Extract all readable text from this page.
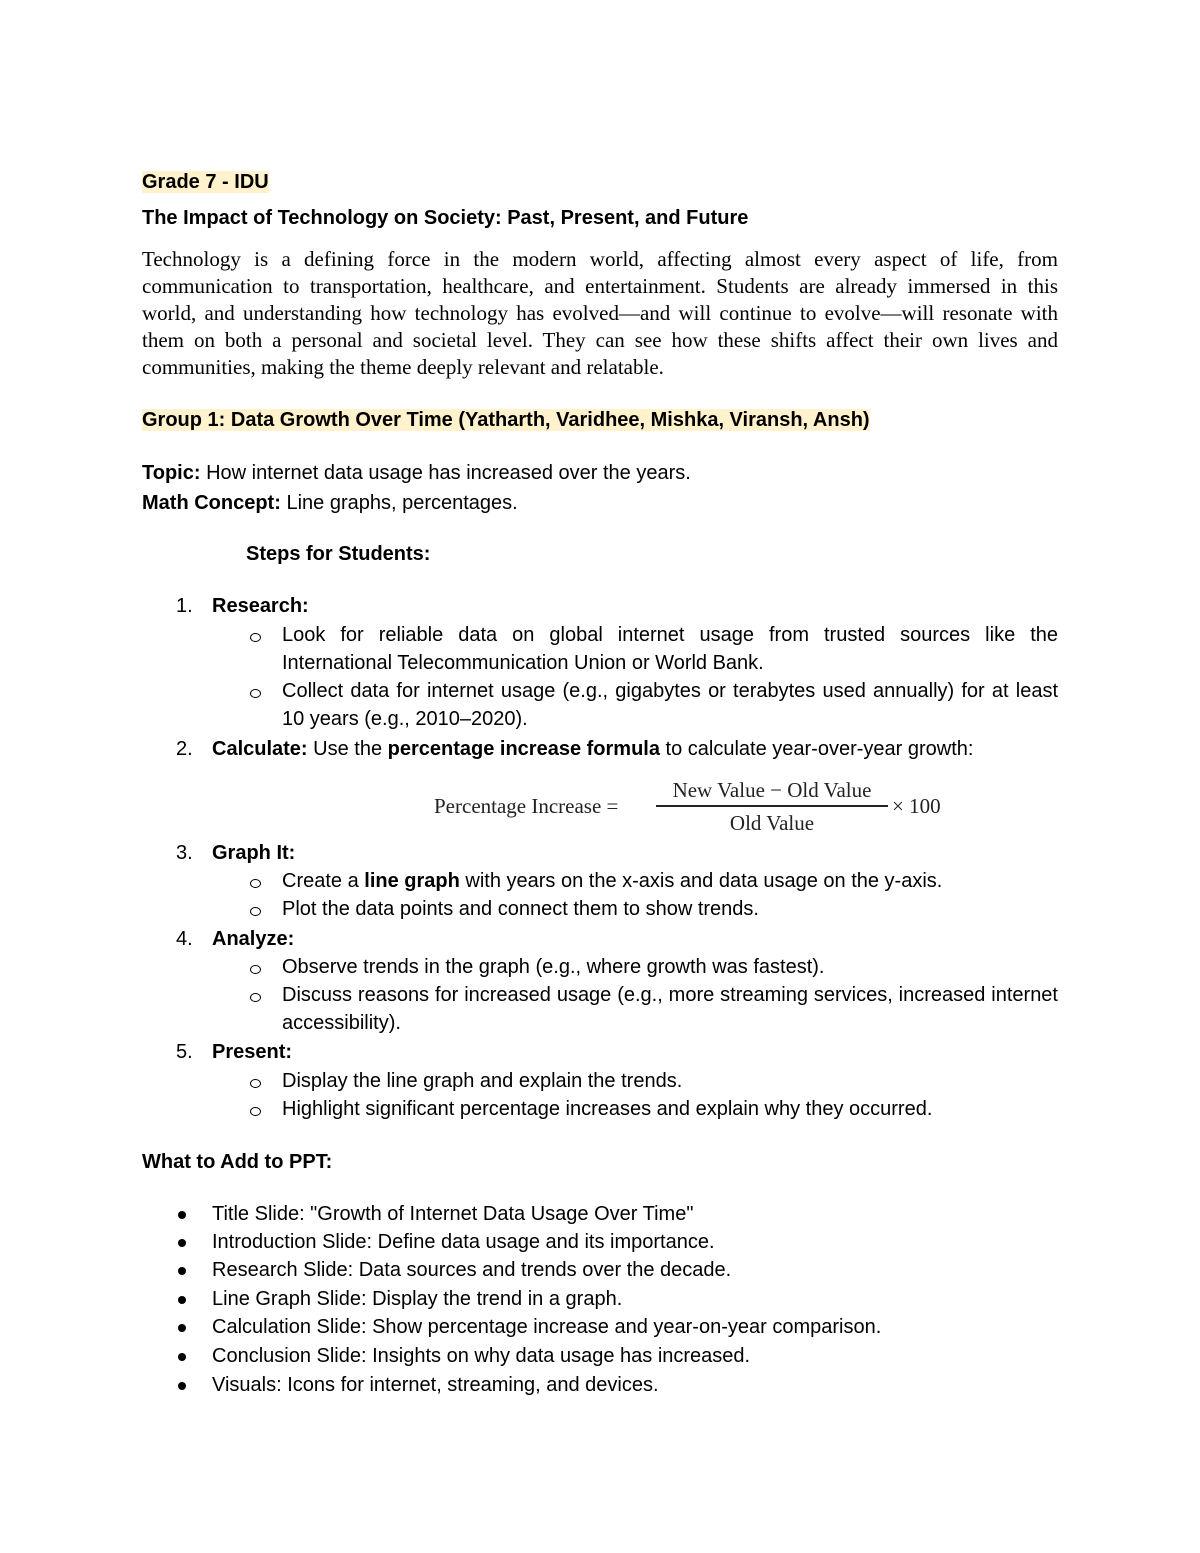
Grade 7 - IDU
The Impact of Technology on Society: Past, Present, and Future
Technology is a defining force in the modern world, affecting almost every aspect of life, from communication to transportation, healthcare, and entertainment. Students are already immersed in this world, and understanding how technology has evolved—and will continue to evolve—will resonate with them on both a personal and societal level. They can see how these shifts affect their own lives and communities, making the theme deeply relevant and relatable.
Group 1: Data Growth Over Time (Yatharth, Varidhee, Mishka, Viransh, Ansh)
Topic: How internet data usage has increased over the years.
Math Concept: Line graphs, percentages.
Steps for Students:
1. Research:
Look for reliable data on global internet usage from trusted sources like the International Telecommunication Union or World Bank.
Collect data for internet usage (e.g., gigabytes or terabytes used annually) for at least 10 years (e.g., 2010–2020).
2. Calculate: Use the percentage increase formula to calculate year-over-year growth:
Percentage Increase =
New Value − Old Value
Old Value
× 100
3. Graph It:
Create a line graph with years on the x-axis and data usage on the y-axis.
Plot the data points and connect them to show trends.
4. Analyze:
Observe trends in the graph (e.g., where growth was fastest).
Discuss reasons for increased usage (e.g., more streaming services, increased internet accessibility).
5. Present:
Display the line graph and explain the trends.
Highlight significant percentage increases and explain why they occurred.
What to Add to PPT:
Title Slide: "Growth of Internet Data Usage Over Time"
Introduction Slide: Define data usage and its importance.
Research Slide: Data sources and trends over the decade.
Line Graph Slide: Display the trend in a graph.
Calculation Slide: Show percentage increase and year-on-year comparison.
Conclusion Slide: Insights on why data usage has increased.
Visuals: Icons for internet, streaming, and devices.
